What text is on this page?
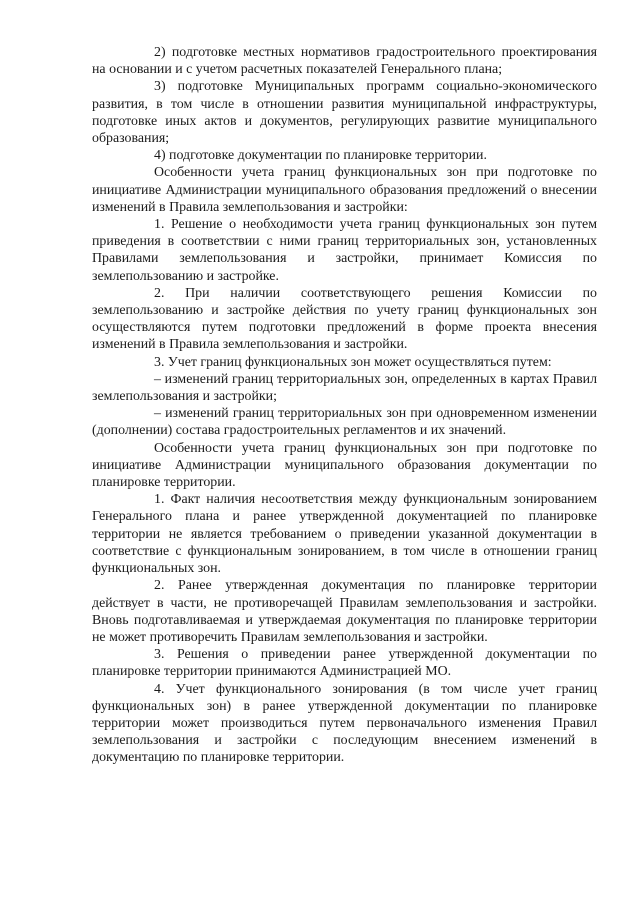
2) подготовке местных нормативов градостроительного проектирования на основании и с учетом расчетных показателей Генерального плана;

3) подготовке Муниципальных программ социально-экономического развития, в том числе в отношении развития муниципальной инфраструктуры, подготовке иных актов и документов, регулирующих развитие муниципального образования;

4) подготовке документации по планировке территории.

Особенности учета границ функциональных зон при подготовке по инициативе Администрации муниципального образования предложений о внесении изменений в Правила землепользования и застройки:

1. Решение о необходимости учета границ функциональных зон путем приведения в соответствии с ними границ территориальных зон, установленных Правилами землепользования и застройки, принимает Комиссия по землепользованию и застройке.

2. При наличии соответствующего решения Комиссии по землепользованию и застройке действия по учету границ функциональных зон осуществляются путем подготовки предложений в форме проекта внесения изменений в Правила землепользования и застройки.

3. Учет границ функциональных зон может осуществляться путем:

– изменений границ территориальных зон, определенных в картах Правил землепользования и застройки;

– изменений границ территориальных зон при одновременном изменении (дополнении) состава градостроительных регламентов и их значений.

Особенности учета границ функциональных зон при подготовке по инициативе Администрации муниципального образования документации по планировке территории.

1. Факт наличия несоответствия между функциональным зонированием Генерального плана и ранее утвержденной документацией по планировке территории не является требованием о приведении указанной документации в соответствие с функциональным зонированием, в том числе в отношении границ функциональных зон.

2. Ранее утвержденная документация по планировке территории действует в части, не противоречащей Правилам землепользования и застройки. Вновь подготавливаемая и утверждаемая документация по планировке территории не может противоречить Правилам землепользования и застройки.

3. Решения о приведении ранее утвержденной документации по планировке территории принимаются Администрацией МО.

4. Учет функционального зонирования (в том числе учет границ функциональных зон) в ранее утвержденной документации по планировке территории может производиться путем первоначального изменения Правил землепользования и застройки с последующим внесением изменений в документацию по планировке территории.
